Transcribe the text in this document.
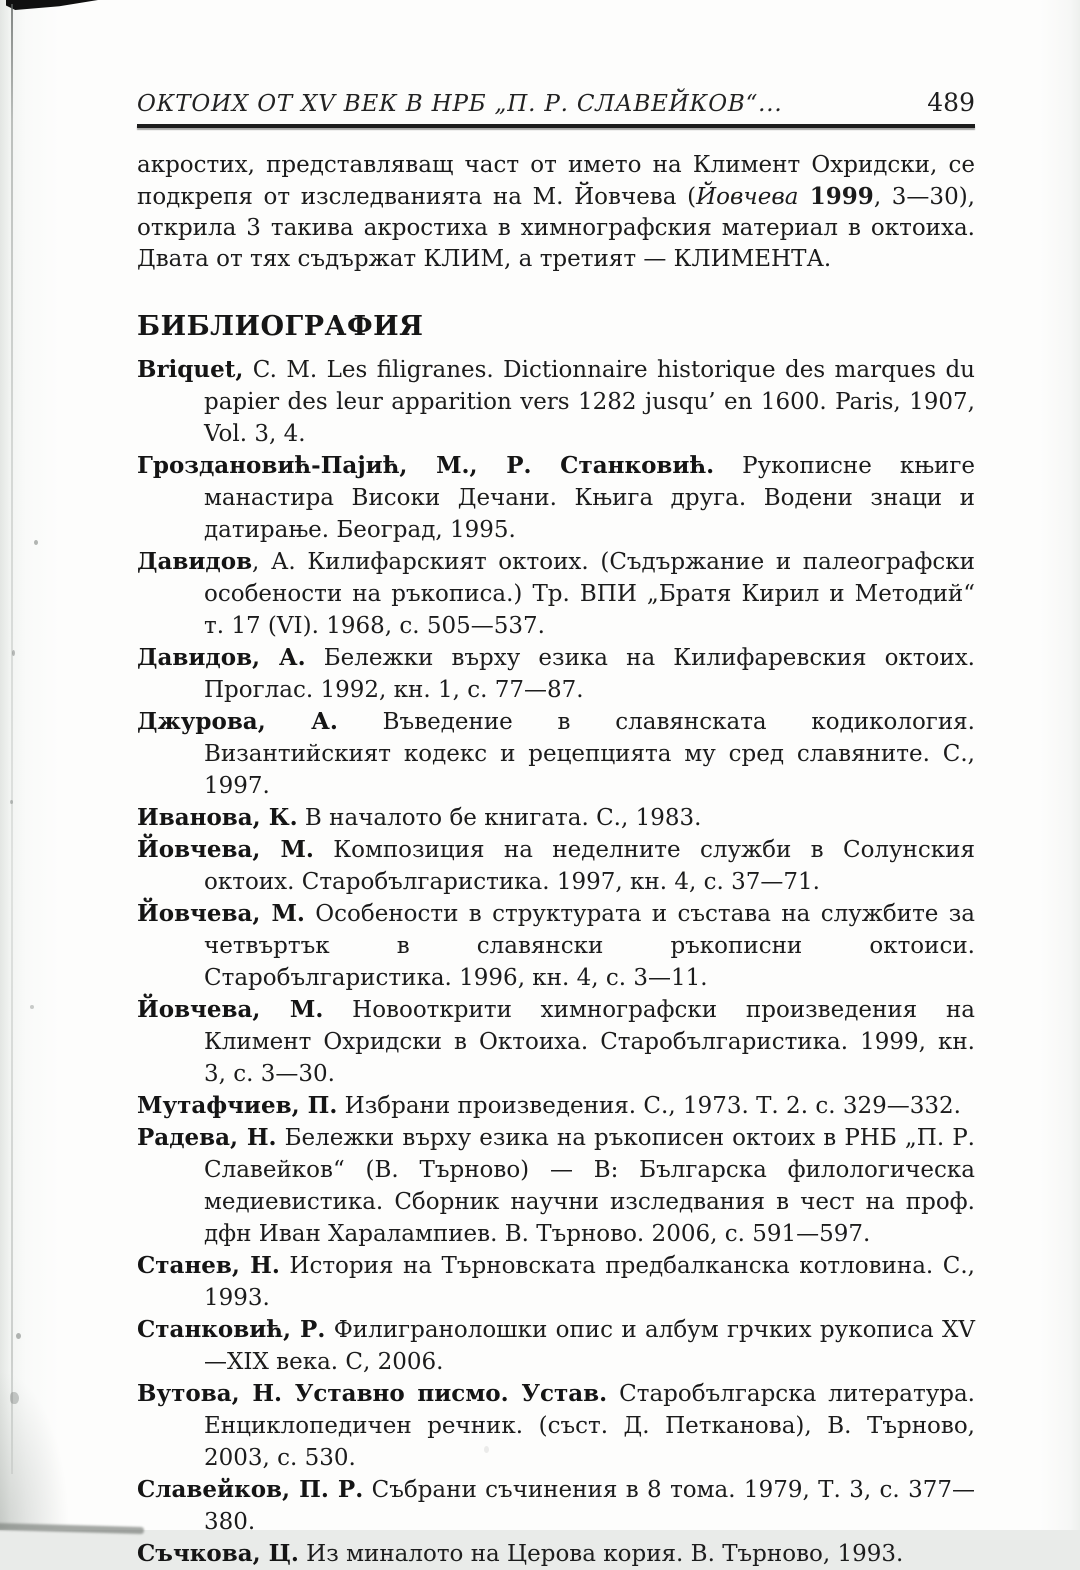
ОКТОИХ ОТ XV ВЕК В НРБ „П. Р. СЛАВЕЙКОВ“...	489

акростих, представляващ част от името на Климент Охридски, се подкрепя от изследванията на М. Йовчева (Йовчева 1999, 3—30), открила 3 такива акростиха в химнографския материал в октоиха. Двата от тях съдържат КЛИМ, а третият — КЛИМЕНТА.

БИБЛИОГРАФИЯ

Briquet, C. M. Les filigranes. Dictionnaire historique des marques du papier des leur apparition vers 1282 jusqu’ en 1600. Paris, 1907, Vol. 3, 4.

Гроздановић-Пајић, М., Р. Станковић. Рукописне књиге манастира Високи Дечани. Књига друга. Водени знаци и датирање. Београд, 1995.

Давидов, А. Килифарският октоих. (Съдържание и палеографски особености на ръкописа.) Тр. ВПИ „Братя Кирил и Методий“ т. 17 (VI). 1968, с. 505—537.

Давидов, А. Бележки върху езика на Килифаревския октоих. Проглас. 1992, кн. 1, с. 77—87.

Джурова, А. Въведение в славянската кодикология. Византийският кодекс и рецепцията му сред славяните. С., 1997.

Иванова, К. В началото бе книгата. С., 1983.

Йовчева, М. Композиция на неделните служби в Солунския октоих. Старобългаристика. 1997, кн. 4, с. 37—71.

Йовчева, М. Особености в структурата и състава на службите за четвъртък в славянски ръкописни октоиси. Старобългаристика. 1996, кн. 4, с. 3—11.

Йовчева, М. Новооткрити химнографски произведения на Климент Охридски в Октоиха. Старобългаристика. 1999, кн. 3, с. 3—30.

Мутафчиев, П. Избрани произведения. С., 1973. Т. 2. с. 329—332.

Радева, Н. Бележки върху езика на ръкописен октоих в РНБ „П. Р. Славейков“ (В. Търново) — В: Българска филологическа медиевистика. Сборник научни изследвания в чест на проф. дфн Иван Харалампиев. В. Търново. 2006, с. 591—597.

Станев, Н. История на Търновската предбалканска котловина. С., 1993.

Станковић, Р. Филигранолошки опис и албум грчких рукописа XV—XIX века. С, 2006.

Вутова, Н. Уставно писмо. Устав. Старобългарска литература. Енциклопедичен речник. (съст. Д. Петканова), В. Търново, 2003, с. 530.

Славейков, П. Р. Събрани съчинения в 8 тома. 1979, Т. 3, с. 377—380.

Съчкова, Ц. Из миналото на Церова кория. В. Търново, 1993.
